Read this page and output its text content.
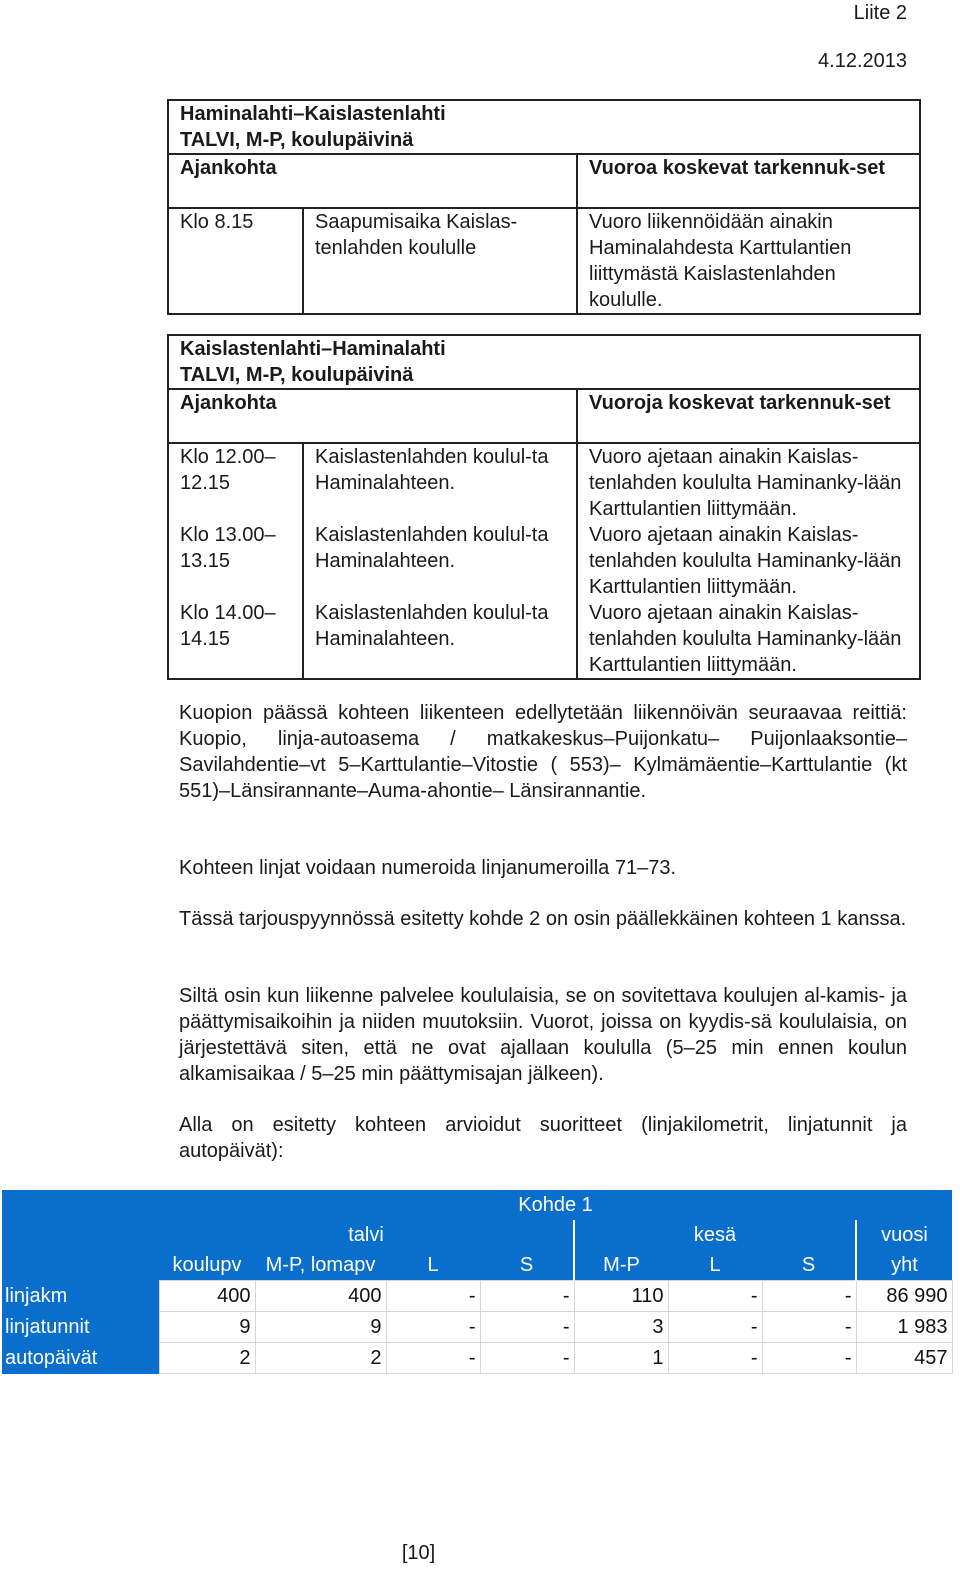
Liite 2
4.12.2013
Haminalahti–Kaislastenlahti
TALVI, M-P, koulupäivinä		

Ajankohta		Vuoroa koskevat tarkennuk-set
Klo 8.15	Saapumisaika Kaislas-tenlahden koululle	Vuoro liikennöidään ainakin Haminalahdesta Karttulantien liittymästä Kaislastenlahden koululle.
Kaislastenlahti–Haminalahti
TALVI, M-P, koulupäivinä		

Ajankohta		Vuoroja koskevat tarkennuk-set
Klo 12.00– 12.15	Kaislastenlahden koulul-ta Haminalahteen.	Vuoro ajetaan ainakin Kaislas-tenlahden koululta Haminanky-lään Karttulantien liittymään.
Klo 13.00– 13.15	Kaislastenlahden koulul-ta Haminalahteen.	Vuoro ajetaan ainakin Kaislas-tenlahden koululta Haminanky-lään Karttulantien liittymään.
Klo 14.00– 14.15	Kaislastenlahden koulul-ta Haminalahteen.	Vuoro ajetaan ainakin Kaislas-tenlahden koululta Haminanky-lään Karttulantien liittymään.
Kuopion päässä kohteen liikenteen edellytetään liikennöivän seuraavaa reittiä: Kuopio, linja-autoasema / matkakeskus–Puijonkatu– Puijonlaaksontie–Savilahdentie–vt 5–Karttulantie–Vitostie ( 553)– Kylmämäentie–Karttulantie (kt 551)–Länsirannante–Auma-ahontie– Länsirannantie.
Kohteen linjat voidaan numeroida linjanumeroilla 71–73.
Tässä tarjouspyynnössä esitetty kohde 2 on osin päällekkäinen kohteen 1 kanssa.
Siltä osin kun liikenne palvelee koululaisia, se on sovitettava koulujen al-kamis- ja päättymisaikoihin ja niiden muutoksiin. Vuorot, joissa on kyydis-sä koululaisia, on järjestettävä siten, että ne ovat ajallaan koululla (5–25 min ennen koulun alkamisaikaa / 5–25 min päättymisajan jälkeen).
Alla on esitetty kohteen arvioidut suoritteet (linjakilometrit, linjatunnit ja autopäivät):
	Kohde 1							
	talvi				kesä			vuosi
	koulupv	M-P, lomapv	L	S	M-P	L	S	yht
linjakm	400	400	-	-	110	-	-	86 990
linjatunnit	9	9	-	-	3	-	-	1 983
autopäivät	2	2	-	-	1	-	-	457
[10]
